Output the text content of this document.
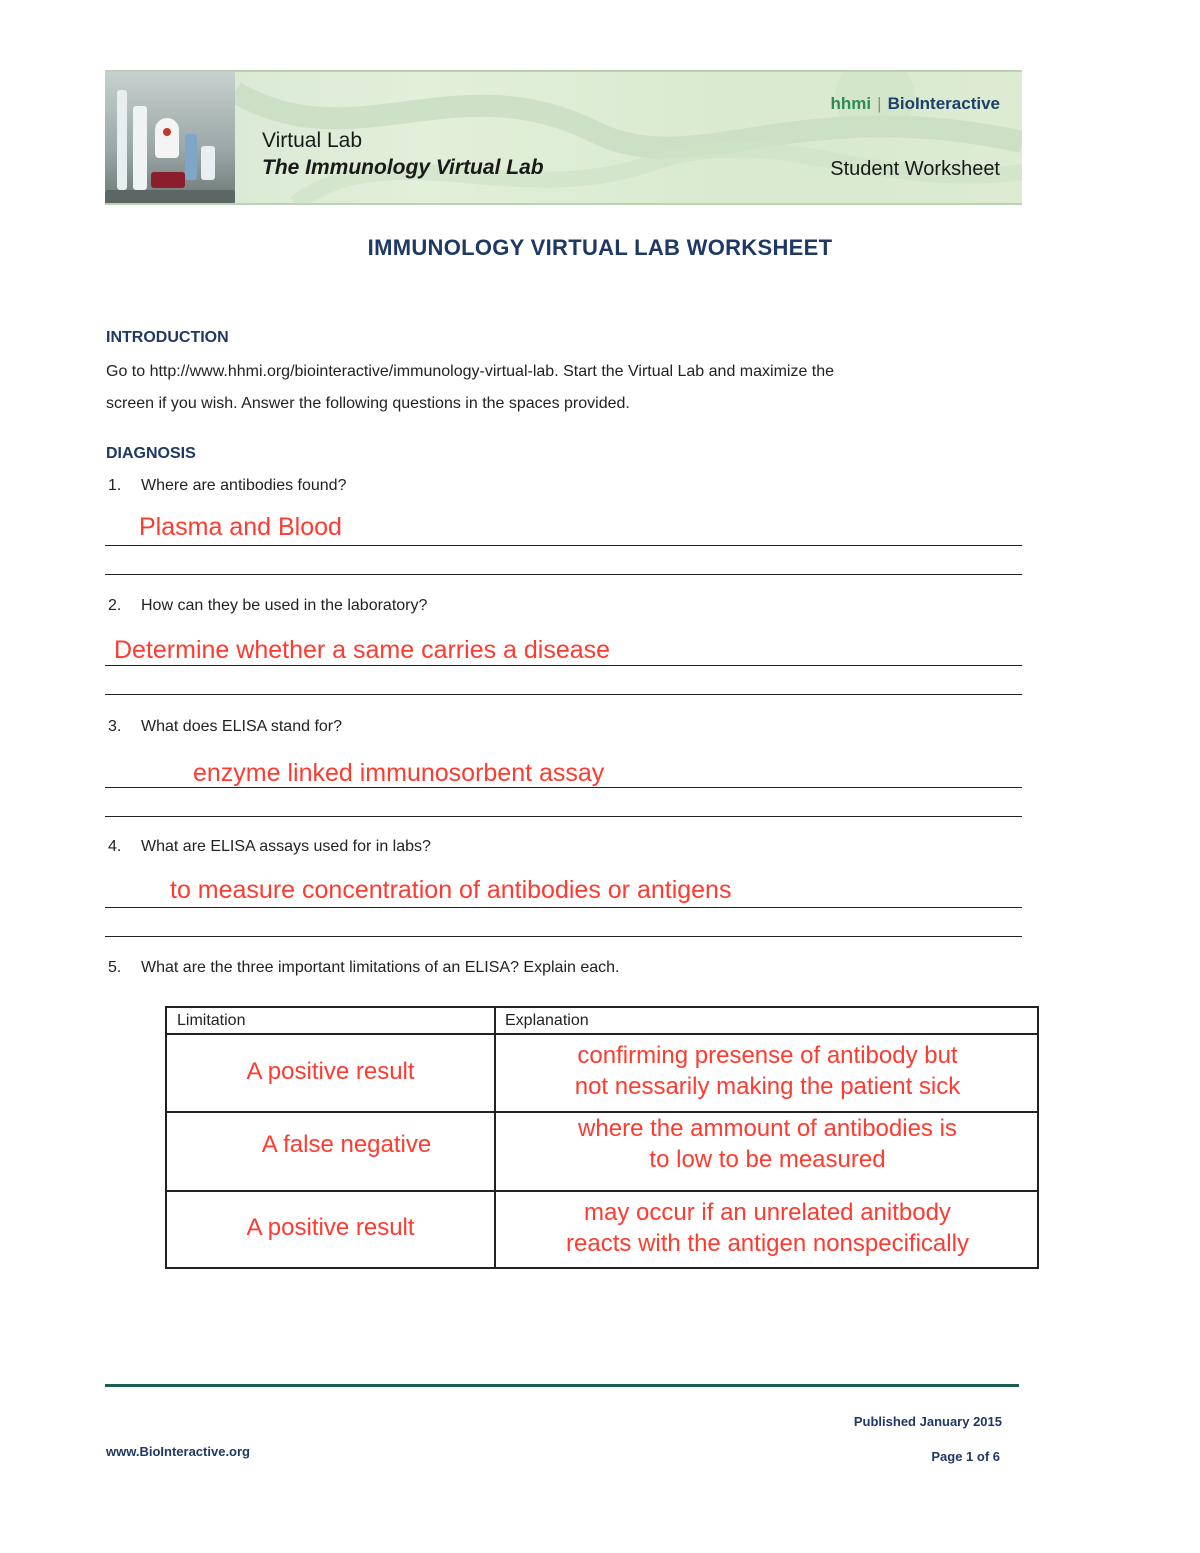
Virtual Lab
The Immunology Virtual Lab
hhmi | BioInteractive
Student Worksheet
IMMUNOLOGY VIRTUAL LAB WORKSHEET
INTRODUCTION
Go to http://www.hhmi.org/biointeractive/immunology-virtual-lab. Start the Virtual Lab and maximize the
screen if you wish. Answer the following questions in the spaces provided.
DIAGNOSIS
1. Where are antibodies found?
Plasma and Blood
2. How can they be used in the laboratory?
Determine whether a same carries a disease
3. What does ELISA stand for?
enzyme linked immunosorbent assay
4. What are ELISA assays used for in labs?
to measure concentration of antibodies or antigens
5. What are the three important limitations of an ELISA? Explain each.
Limitation	Explanation
A positive result
confirming presense of antibody but
not nessarily making the patient sick
A false negative
where the ammount of antibodies is
to low to be measured
A positive result
may occur if an unrelated anitbody
reacts with the antigen nonspecifically
Published January 2015
www.BioInteractive.org	Page 1 of 6
